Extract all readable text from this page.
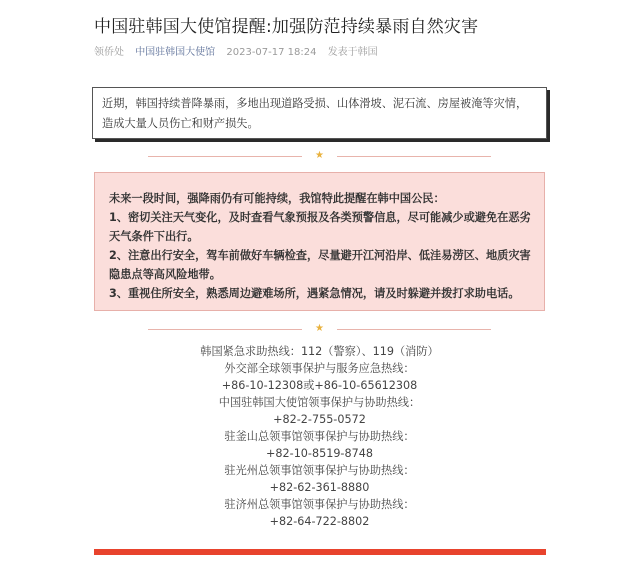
中国驻韩国大使馆提醒:加强防范持续暴雨自然灾害
领侨处 中国驻韩国大使馆 2023-07-17 18:24 发表于韩国
近期，韩国持续普降暴雨，多地出现道路受损、山体滑坡、泥石流、房屋被淹等灾情，造成大量人员伤亡和财产损失。
★

未来一段时间，强降雨仍有可能持续，我馆特此提醒在韩中国公民：

1、密切关注天气变化，及时查看气象预报及各类预警信息，尽可能减少或避免在恶劣天气条件下出行。

2、注意出行安全，驾车前做好车辆检查，尽量避开江河沿岸、低洼易涝区、地质灾害隐患点等高风险地带。

3、重视住所安全，熟悉周边避难场所，遇紧急情况，请及时躲避并拨打求助电话。

★
韩国紧急求助热线：112（警察）、119（消防）
外交部全球领事保护与服务应急热线：
+86-10-12308或+86-10-65612308
中国驻韩国大使馆领事保护与协助热线：
+82-2-755-0572
驻釜山总领事馆领事保护与协助热线：
+82-10-8519-8748
驻光州总领事馆领事保护与协助热线：
+82-62-361-8880
驻济州总领事馆领事保护与协助热线：
+82-64-722-8802
